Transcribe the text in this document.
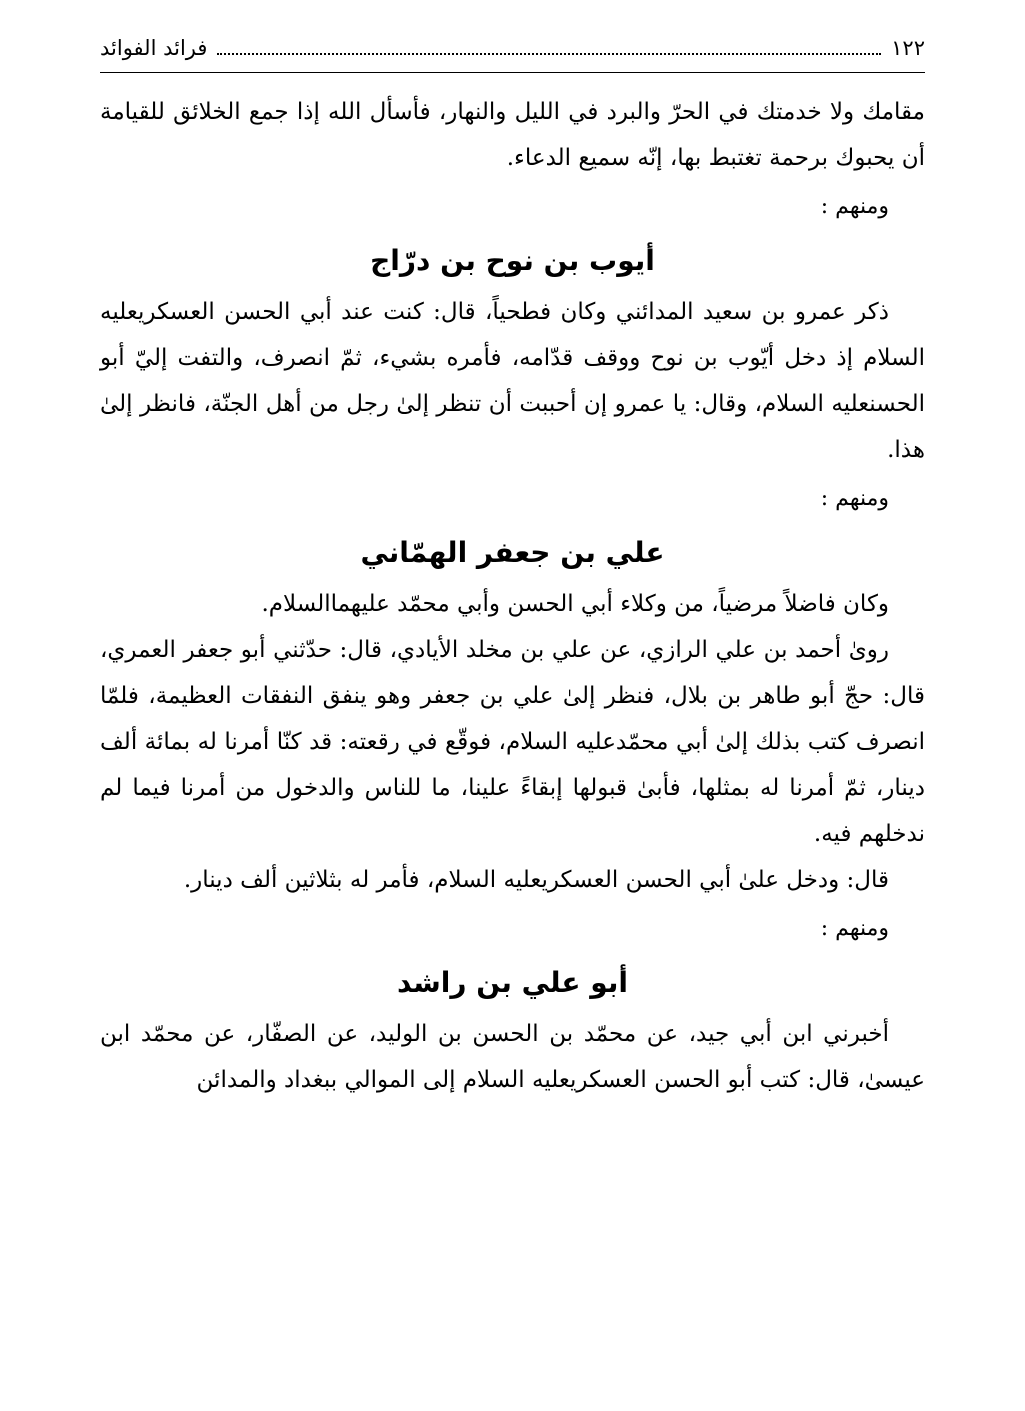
١٢٢
فرائد الفوائد

مقامك ولا خدمتك في الحرّ والبرد في الليل والنهار، فأسأل الله إذا جمع الخلائق للقيامة أن يحبوك برحمة تغتبط بها، إنّه سميع الدعاء.

ومنهم :

أيوب بن نوح بن درّاج

ذكر عمرو بن سعيد المدائني وكان فطحياً، قال: كنت عند أبي الحسن العسكريعليه السلام إذ دخل أيّوب بن نوح ووقف قدّامه، فأمره بشيء، ثمّ انصرف، والتفت إليّ أبو الحسنعليه السلام، وقال: يا عمرو إن أحببت أن تنظر إلىٰ رجل من أهل الجنّة، فانظر إلىٰ هذا.

ومنهم :

علي بن جعفر الهمّاني

وكان فاضلاً مرضياً، من وكلاء أبي الحسن وأبي محمّد عليهماالسلام.

روىٰ أحمد بن علي الرازي، عن علي بن مخلد الأيادي، قال: حدّثني أبو جعفر العمري، قال: حجّ أبو طاهر بن بلال، فنظر إلىٰ علي بن جعفر وهو ينفق النفقات العظيمة، فلمّا انصرف كتب بذلك إلىٰ أبي محمّدعليه السلام، فوقّع في رقعته: قد كنّا أمرنا له بمائة ألف دينار، ثمّ أمرنا له بمثلها، فأبىٰ قبولها إبقاءً علينا، ما للناس والدخول من أمرنا فيما لم ندخلهم فيه.

قال: ودخل علىٰ أبي الحسن العسكريعليه السلام، فأمر له بثلاثين ألف دينار.

ومنهم :

أبو علي بن راشد

أخبرني ابن أبي جيد، عن محمّد بن الحسن بن الوليد، عن الصفّار، عن محمّد ابن عيسىٰ، قال: كتب أبو الحسن العسكريعليه السلام إلى الموالي ببغداد والمدائن
